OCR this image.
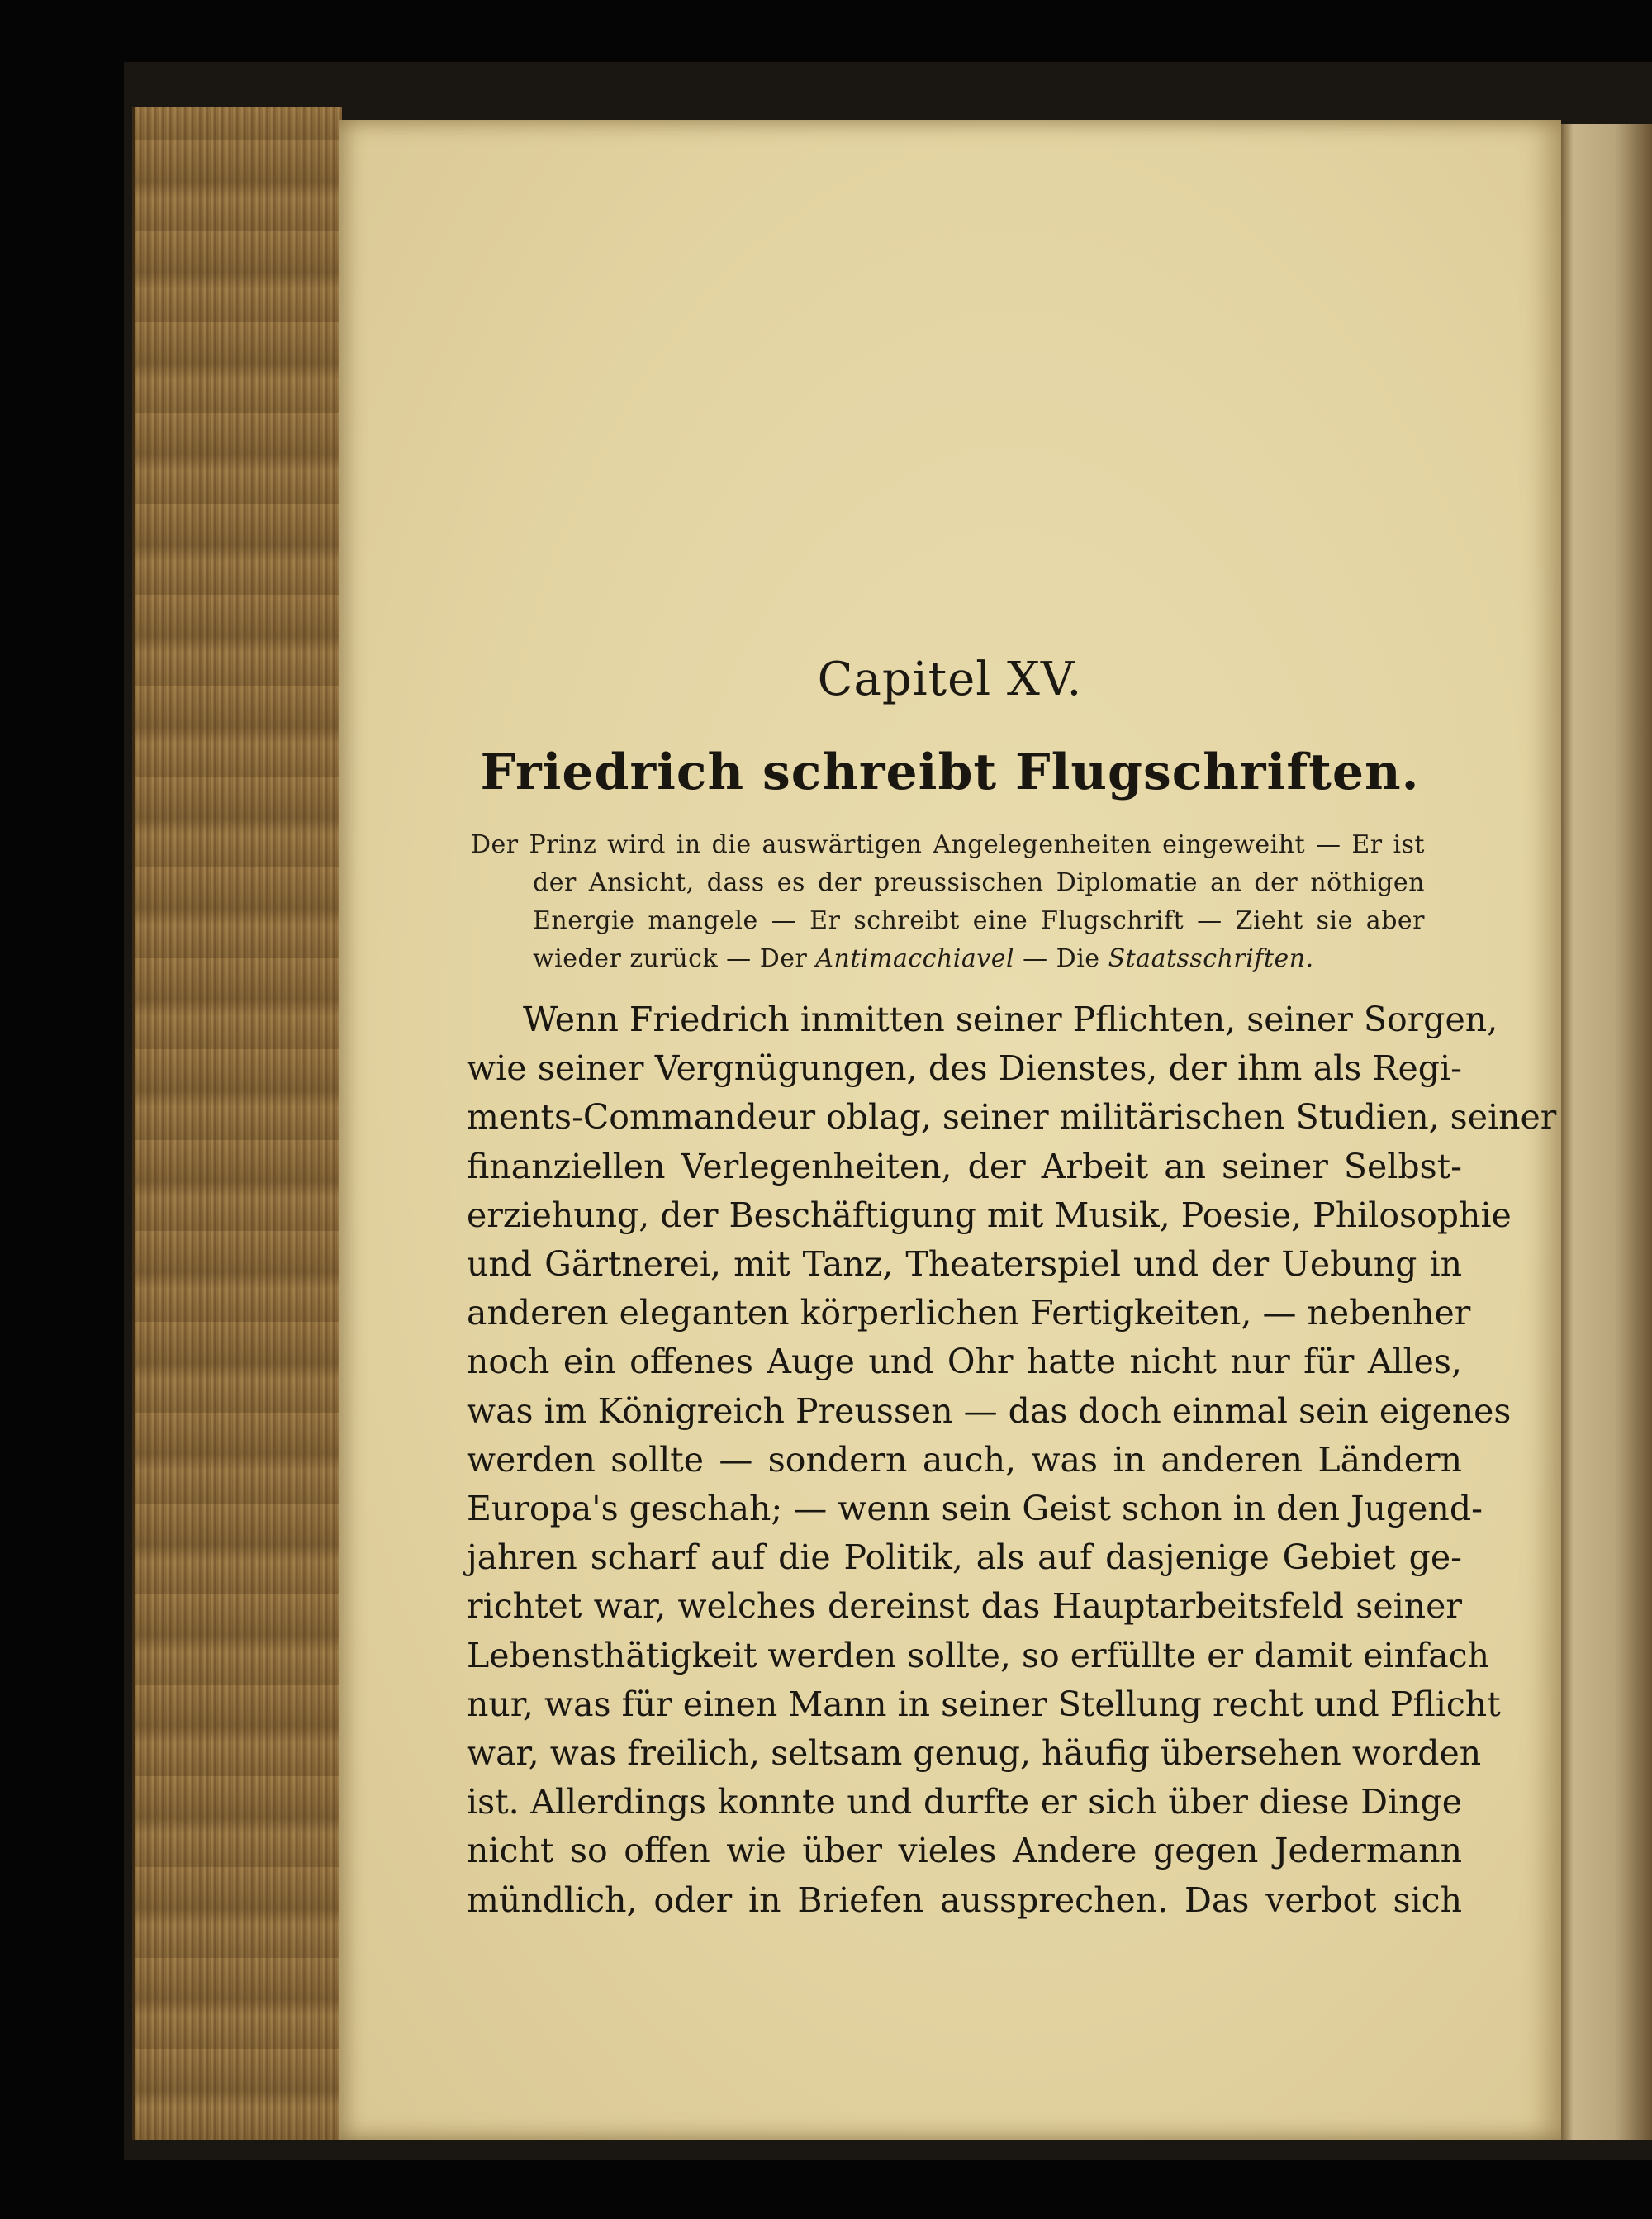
Capitel XV.
Friedrich schreibt Flugschriften.
Der Prinz wird in die auswärtigen Angelegenheiten eingeweiht — Er ist
der Ansicht, dass es der preussischen Diplomatie an der nöthigen
Energie mangele — Er schreibt eine Flugschrift — Zieht sie aber
wieder zurück — Der Antimacchiavel — Die Staatsschriften.
Wenn Friedrich inmitten seiner Pflichten, seiner Sorgen,
wie seiner Vergnügungen, des Dienstes, der ihm als Regi-
ments-Commandeur oblag, seiner militärischen Studien, seiner
finanziellen Verlegenheiten, der Arbeit an seiner Selbst-
erziehung, der Beschäftigung mit Musik, Poesie, Philosophie
und Gärtnerei, mit Tanz, Theaterspiel und der Uebung in
anderen eleganten körperlichen Fertigkeiten, — nebenher
noch ein offenes Auge und Ohr hatte nicht nur für Alles,
was im Königreich Preussen — das doch einmal sein eigenes
werden sollte — sondern auch, was in anderen Ländern
Europa's geschah; — wenn sein Geist schon in den Jugend-
jahren scharf auf die Politik, als auf dasjenige Gebiet ge-
richtet war, welches dereinst das Hauptarbeitsfeld seiner
Lebensthätigkeit werden sollte, so erfüllte er damit einfach
nur, was für einen Mann in seiner Stellung recht und Pflicht
war, was freilich, seltsam genug, häufig übersehen worden
ist. Allerdings konnte und durfte er sich über diese Dinge
nicht so offen wie über vieles Andere gegen Jedermann
mündlich, oder in Briefen aussprechen. Das verbot sich
